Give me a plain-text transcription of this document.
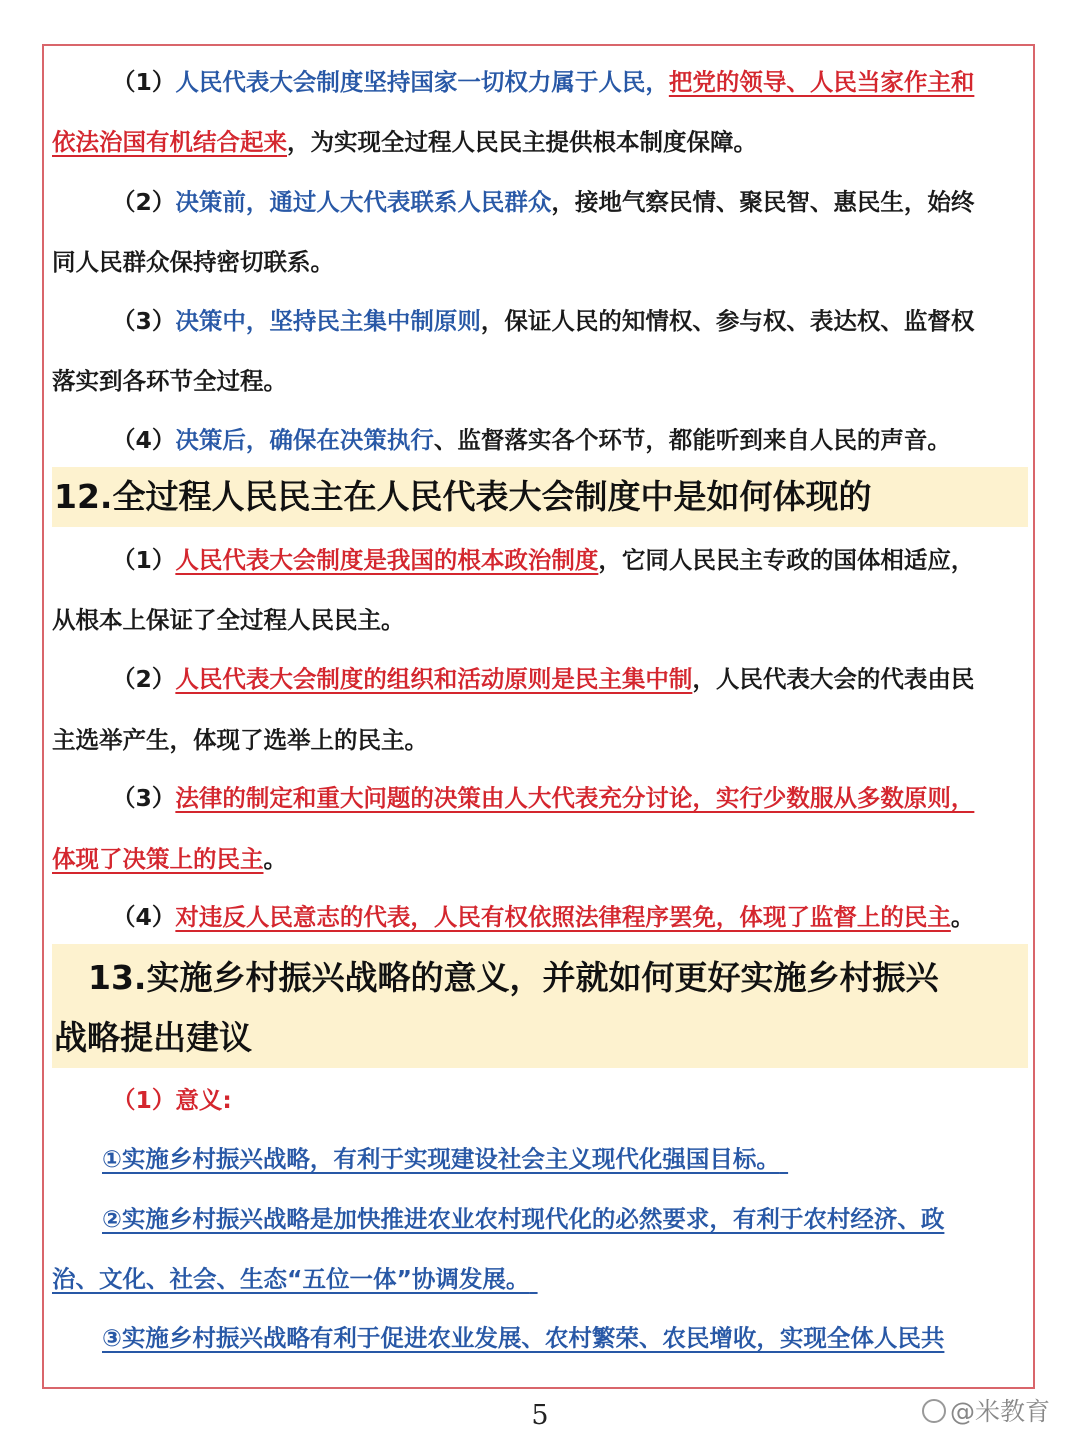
（1）人民代表大会制度坚持国家一切权力属于人民，把党的领导、人民当家作主和
依法治国有机结合起来，为实现全过程人民民主提供根本制度保障。
（2）决策前，通过人大代表联系人民群众，接地气察民情、聚民智、惠民生，始终
同人民群众保持密切联系。
（3）决策中，坚持民主集中制原则，保证人民的知情权、参与权、表达权、监督权
落实到各环节全过程。
（4）决策后，确保在决策执行、监督落实各个环节，都能听到来自人民的声音。
12.全过程人民民主在人民代表大会制度中是如何体现的
（1）人民代表大会制度是我国的根本政治制度，它同人民民主专政的国体相适应，
从根本上保证了全过程人民民主。
（2）人民代表大会制度的组织和活动原则是民主集中制，人民代表大会的代表由民
主选举产生，体现了选举上的民主。
（3）法律的制定和重大问题的决策由人大代表充分讨论，实行少数服从多数原则，
体现了决策上的民主。
（4）对违反人民意志的代表，人民有权依照法律程序罢免，体现了监督上的民主。
13.实施乡村振兴战略的意义，并就如何更好实施乡村振兴
战略提出建议
（1）意义:
①实施乡村振兴战略，有利于实现建设社会主义现代化强国目标。
②实施乡村振兴战略是加快推进农业农村现代化的必然要求，有利于农村经济、政
治、文化、社会、生态“五位一体”协调发展。
③实施乡村振兴战略有利于促进农业发展、农村繁荣、农民增收，实现全体人民共
5	@米教育
